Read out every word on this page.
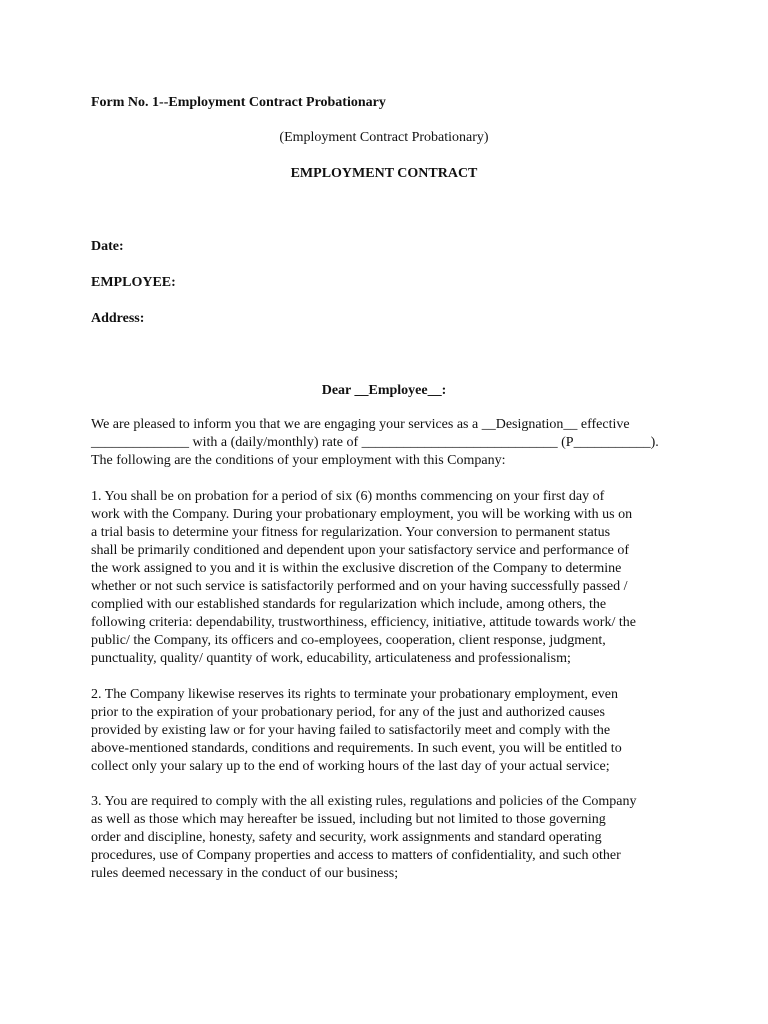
Form No. 1--Employment Contract Probationary
(Employment Contract Probationary)
EMPLOYMENT CONTRACT
Date:
EMPLOYEE:
Address:
Dear __Employee__:
We are pleased to inform you that we are engaging your services as a __Designation__ effective
______________ with a (daily/monthly) rate of ____________________________ (P___________).
The following are the conditions of your employment with this Company:
1. You shall be on probation for a period of six (6) months commencing on your first day of
work with the Company. During your probationary employment, you will be working with us on
a trial basis to determine your fitness for regularization. Your conversion to permanent status
shall be primarily conditioned and dependent upon your satisfactory service and performance of
the work assigned to you and it is within the exclusive discretion of the Company to determine
whether or not such service is satisfactorily performed and on your having successfully passed /
complied with our established standards for regularization which include, among others, the
following criteria: dependability, trustworthiness, efficiency, initiative, attitude towards work/ the
public/ the Company, its officers and co-employees, cooperation, client response, judgment,
punctuality, quality/ quantity of work, educability, articulateness and professionalism;
2. The Company likewise reserves its rights to terminate your probationary employment, even
prior to the expiration of your probationary period, for any of the just and authorized causes
provided by existing law or for your having failed to satisfactorily meet and comply with the
above-mentioned standards, conditions and requirements. In such event, you will be entitled to
collect only your salary up to the end of working hours of the last day of your actual service;
3. You are required to comply with the all existing rules, regulations and policies of the Company
as well as those which may hereafter be issued, including but not limited to those governing
order and discipline, honesty, safety and security, work assignments and standard operating
procedures, use of Company properties and access to matters of confidentiality, and such other
rules deemed necessary in the conduct of our business;
